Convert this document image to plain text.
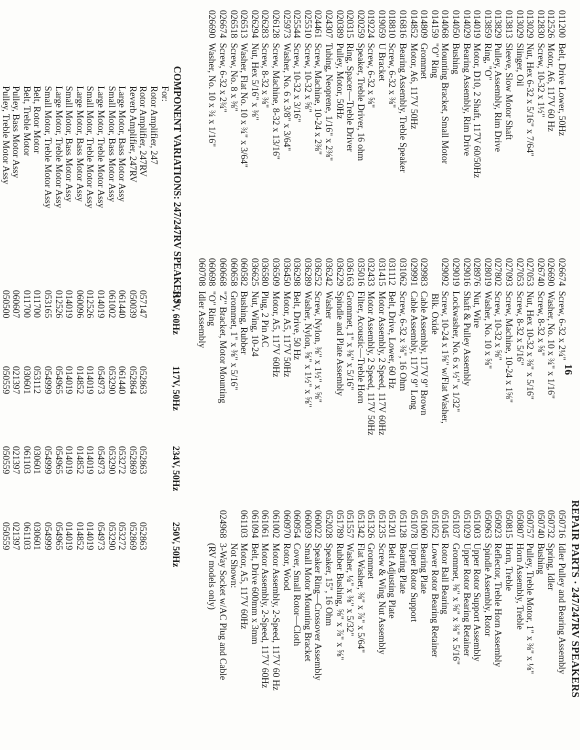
16
REPAIR PARTS · 247/247RV SPEAKERS
011200Belt, Drive Lower, 50Hz
012526Motor, A6, 117V 60 Hz
012830Screw, 10-32 x 1½"
013029Nut, Hex 6-32 x 5/16" x 7/64"
013029Slinger, Oil
013813Sleeve, Slow Motor Shaft
013829Pulley, Assembly, Rim Drive
013859Ring, "O"
014019Motor, D10, 2 Shaft, 117V 60/50Hz
014029Bearing Assembly, Rim Drive
014050Bushing
014068Mounting Bracket, Small Motor
014159"O" Ring
014809Grommet
014852Motor, A6, 117V 50Hz
016816Bearing Assembly, Treble Speaker
018810Screw, 6-32 x ⅜"
019059U Bracket
019224Screw, 6-32 x ⅝"
020259Speaker, Treble Driver, 16 ohm
020315Ring, Spacer—Treble Driver
020389Pulley, Motor, 50Hz
024307Tubing, Neoprene, 1/16" x 2⅜"
024461Screw, Machine, 10-24 x 2⅜"
025510Screw, 10-32 x ⅝"
025544Screw, 10-32 x 3/16"
025973Washer, No. 6 x 3/8" x 3/64"
026128Screw, Machine, 8-32 x 13/16"
026283Screw, 8-32 x ⅜"
026294Nut, Hex 5/16" x ⅜"
026513Washer, Flat No. 10 x ¾" x 3/64"
026518Screw, No. 8 x ⅜"
026674Screw, 6-32 x 2¾"
026690Washer, No. 10 x ¾ x 1/16"
026674Screw, 6-32 x 2¼"
026690Washer, No. 10 x ¾" x 1/16"
026740Screw, 8-32 x ⅝"
027053Nut, Hex 10-32 x ⅜" x 5/16"
027053Screw, 8-32 x 5/16"
027093Screw, Machine, 10-24 x 1⅝"
027802Screw, 10-32 x ⅝"
028019Washer, No. 10 x ⅝"
028976Nut, Wire
029016Shaft & Pulley Assembly
029019Lockwasher, No. 6 x ½" x 1/32"
029092Screw, 10-24 x 1⅝" w/Flat Washer,
Blk. Oxide
029983Cable Assembly, 117V 9" Brown
029991Cable Assembly, 117V 9" Long
031062Screw, 6-32 x ⅜", 16 Ohm
031112Belt, Drive, Lower, 60 Hz
031415Motor Assembly, 2 Speed, 117V 60Hz
032433Motor Assembly, 2 Speed, 117V 50Hz
035016Filter, Acoustic—Treble Horn
036163Grommet, 1" x ⅜" x 5/16"
036229Spindle and Plate Assembly
036242Washer
036252Screw, Nylon, ⅜" x 1½" x ⅝"
036289Washer, Nylon, ⅝" x 1½" x ⅝"
036298Belt, Drive, 50 Hz
036450Motor, A5, 117V 50Hz
036509Motor, A5, 117V 60Hz
036580Plug, 2 Pin AC
036625Nut, Wing, 10-24
060582Bushing, Rubber
060658Grommet, 1" x ⅜" x 5/16"
060668"Z" Bracket, Motor Mounting
060698"O" Ring
060708Idler Assembly
050716Idler Pulley and Bearing Assembly
050732Spring, Idler
050740Bushing
050757Pulley, Treble Motor, 1" x ⅜" x ⅛"
050807Horn Assembly, Treble
050815Horn, Treble
050923Reflector, Treble Horn Assembly
050963Spindle Assembly, Rotor
051003Upper Rotor Support Assembly
051029Upper Rotor Bearing Retainer
051037Grommet, ⅜" x ⅝" x ⅜" x 5/16"
051045Rotor Ball Bearing
051052Lower Rotor Bearing Retainer
051060Bearing Plate
051078Upper Rotor Support
051128Bearing Plate
051201Belt Adjusting Plate
051235Screw & Wing Nut Assembly
051326Grommet
051342Flat Washer, ⅜" x ⅞" x 5/64"
051557Washer, ¼" x ⅜" x 5/32"
051789Rubber Bushing, ⅝" x ⅞" x ⅝"
052028Speaker, 15", 16 Ohm
060022Speaker Ring—Crossover Assembly
060039Small Motor Mounting Bracket
060954Cover, Small Rotor—Cloth
060970Rotor, Wood
061002Motor Assembly, 2-Speed, 117V 60 Hz
061061Motor Assembly, 2-Speed, 117V 60Hz
061094Belt, Drive 600mm x 3mm
061103Motor, A5, 117V 60Hz
Not Shown:
0249683-Way Socket w/AC Plug and Cable
(RV models only)
COMPONENT VARIATIONS: 247/247RV SPEAKERS
For:
117V, 60Hz
117V, 50Hz
234V, 50Hz
250V, 50Hz
Rotor Amplifier, 247
Rotor Amplifier, 247RV
057147
052863
052863
052863
Reverb Amplifier, 247RV
050039
052864
052869
052869
Large Motor, Bass Motor Assy
061440
061440
053272
053272
Small Motor, Bass Motor Assy
061002
053290
053290
053290
Large Motor, Treble Motor Assy
014019
054973
054973
054973
Small Motor, Treble Motor Assy
012526
014019
014019
014019
Large Motor, Bass Motor Assy
060096
014852
014852
014852
Small Motor, Bass Motor Assy
014019
014019
014019
014019
Large Motor, Treble Motor Assy
012526
054965
054965
054965
Small Motor, Treble Motor Assy
053165
054999
054999
054999
Belt, Rotor Motor
011700
053112
030601
030601
Belt, Treble Motor
011700
030601
061103
061103
Pulley, Bass Motor Assy
060607
021397
021397
021397
Pulley, Treble Motor Assy
050500
050559
050559
050559
